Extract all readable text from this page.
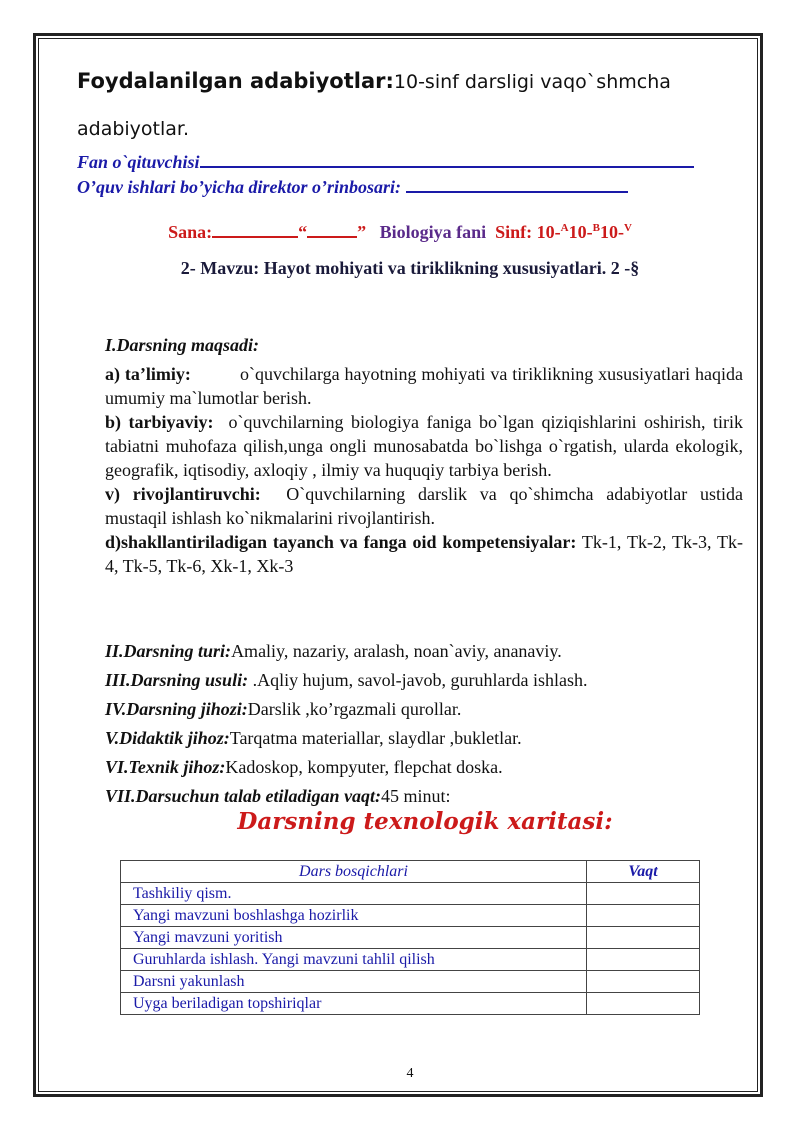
Foydalanilgan adabiyotlar:10-sinf darsligi vaqo`shmcha
adabiyotlar.
Fan o`qituvchisi
O’quv ishlari bo’yicha direktor o’rinbosari:
Sana:	“	” Biologiya fani Sinf: 10-$^A$10-$^B$10-$^V$
2- Mavzu: Hayot mohiyati va tiriklikning xususiyatlari. 2 -§
I.Darsning maqsadi:
a) ta’limiy:	o`quvchilarga hayotning mohiyati va tiriklikning xususiyatlari haqida umumiy ma`lumotlar berish.
b) tarbiyaviy: o`quvchilarning biologiya faniga bo`lgan qiziqishlarini oshirish, tirik tabiatni muhofaza qilish,unga ongli munosabatda bo`lishga o`rgatish, ularda ekologik, geografik, iqtisodiy, axloqiy , ilmiy va huquqiy tarbiya berish.
v) rivojlantiruvchi: O`quvchilarning darslik va qo`shimcha adabiyotlar ustida mustaqil ishlash ko`nikmalarini rivojlantirish.
d)shakllantiriladigan tayanch va fanga oid kompetensiyalar: Tk-1, Tk-2, Tk-3, Tk-4, Tk-5, Tk-6, Xk-1, Xk-3
II.Darsning turi:Amaliy, nazariy, aralash, noan`aviy, ananaviy.
III.Darsning usuli: .Aqliy hujum, savol-javob, guruhlarda ishlash.
IV.Darsning jihozi:Darslik ,ko’rgazmali qurollar.
V.Didaktik jihoz:Tarqatma materiallar, slaydlar ,bukletlar.
VI.Texnik jihoz:Kadoskop, kompyuter, flepchat doska.
VII.Darsuchun talab etiladigan vaqt:45 minut:
Darsning texnologik xaritasi:
Dars bosqichlari	Vaqt
Tashkiliy qism.	
Yangi mavzuni boshlashga hozirlik	
Yangi mavzuni yoritish	
Guruhlarda ishlash. Yangi mavzuni tahlil qilish	
Darsni yakunlash	
Uyga beriladigan topshiriqlar	
4
